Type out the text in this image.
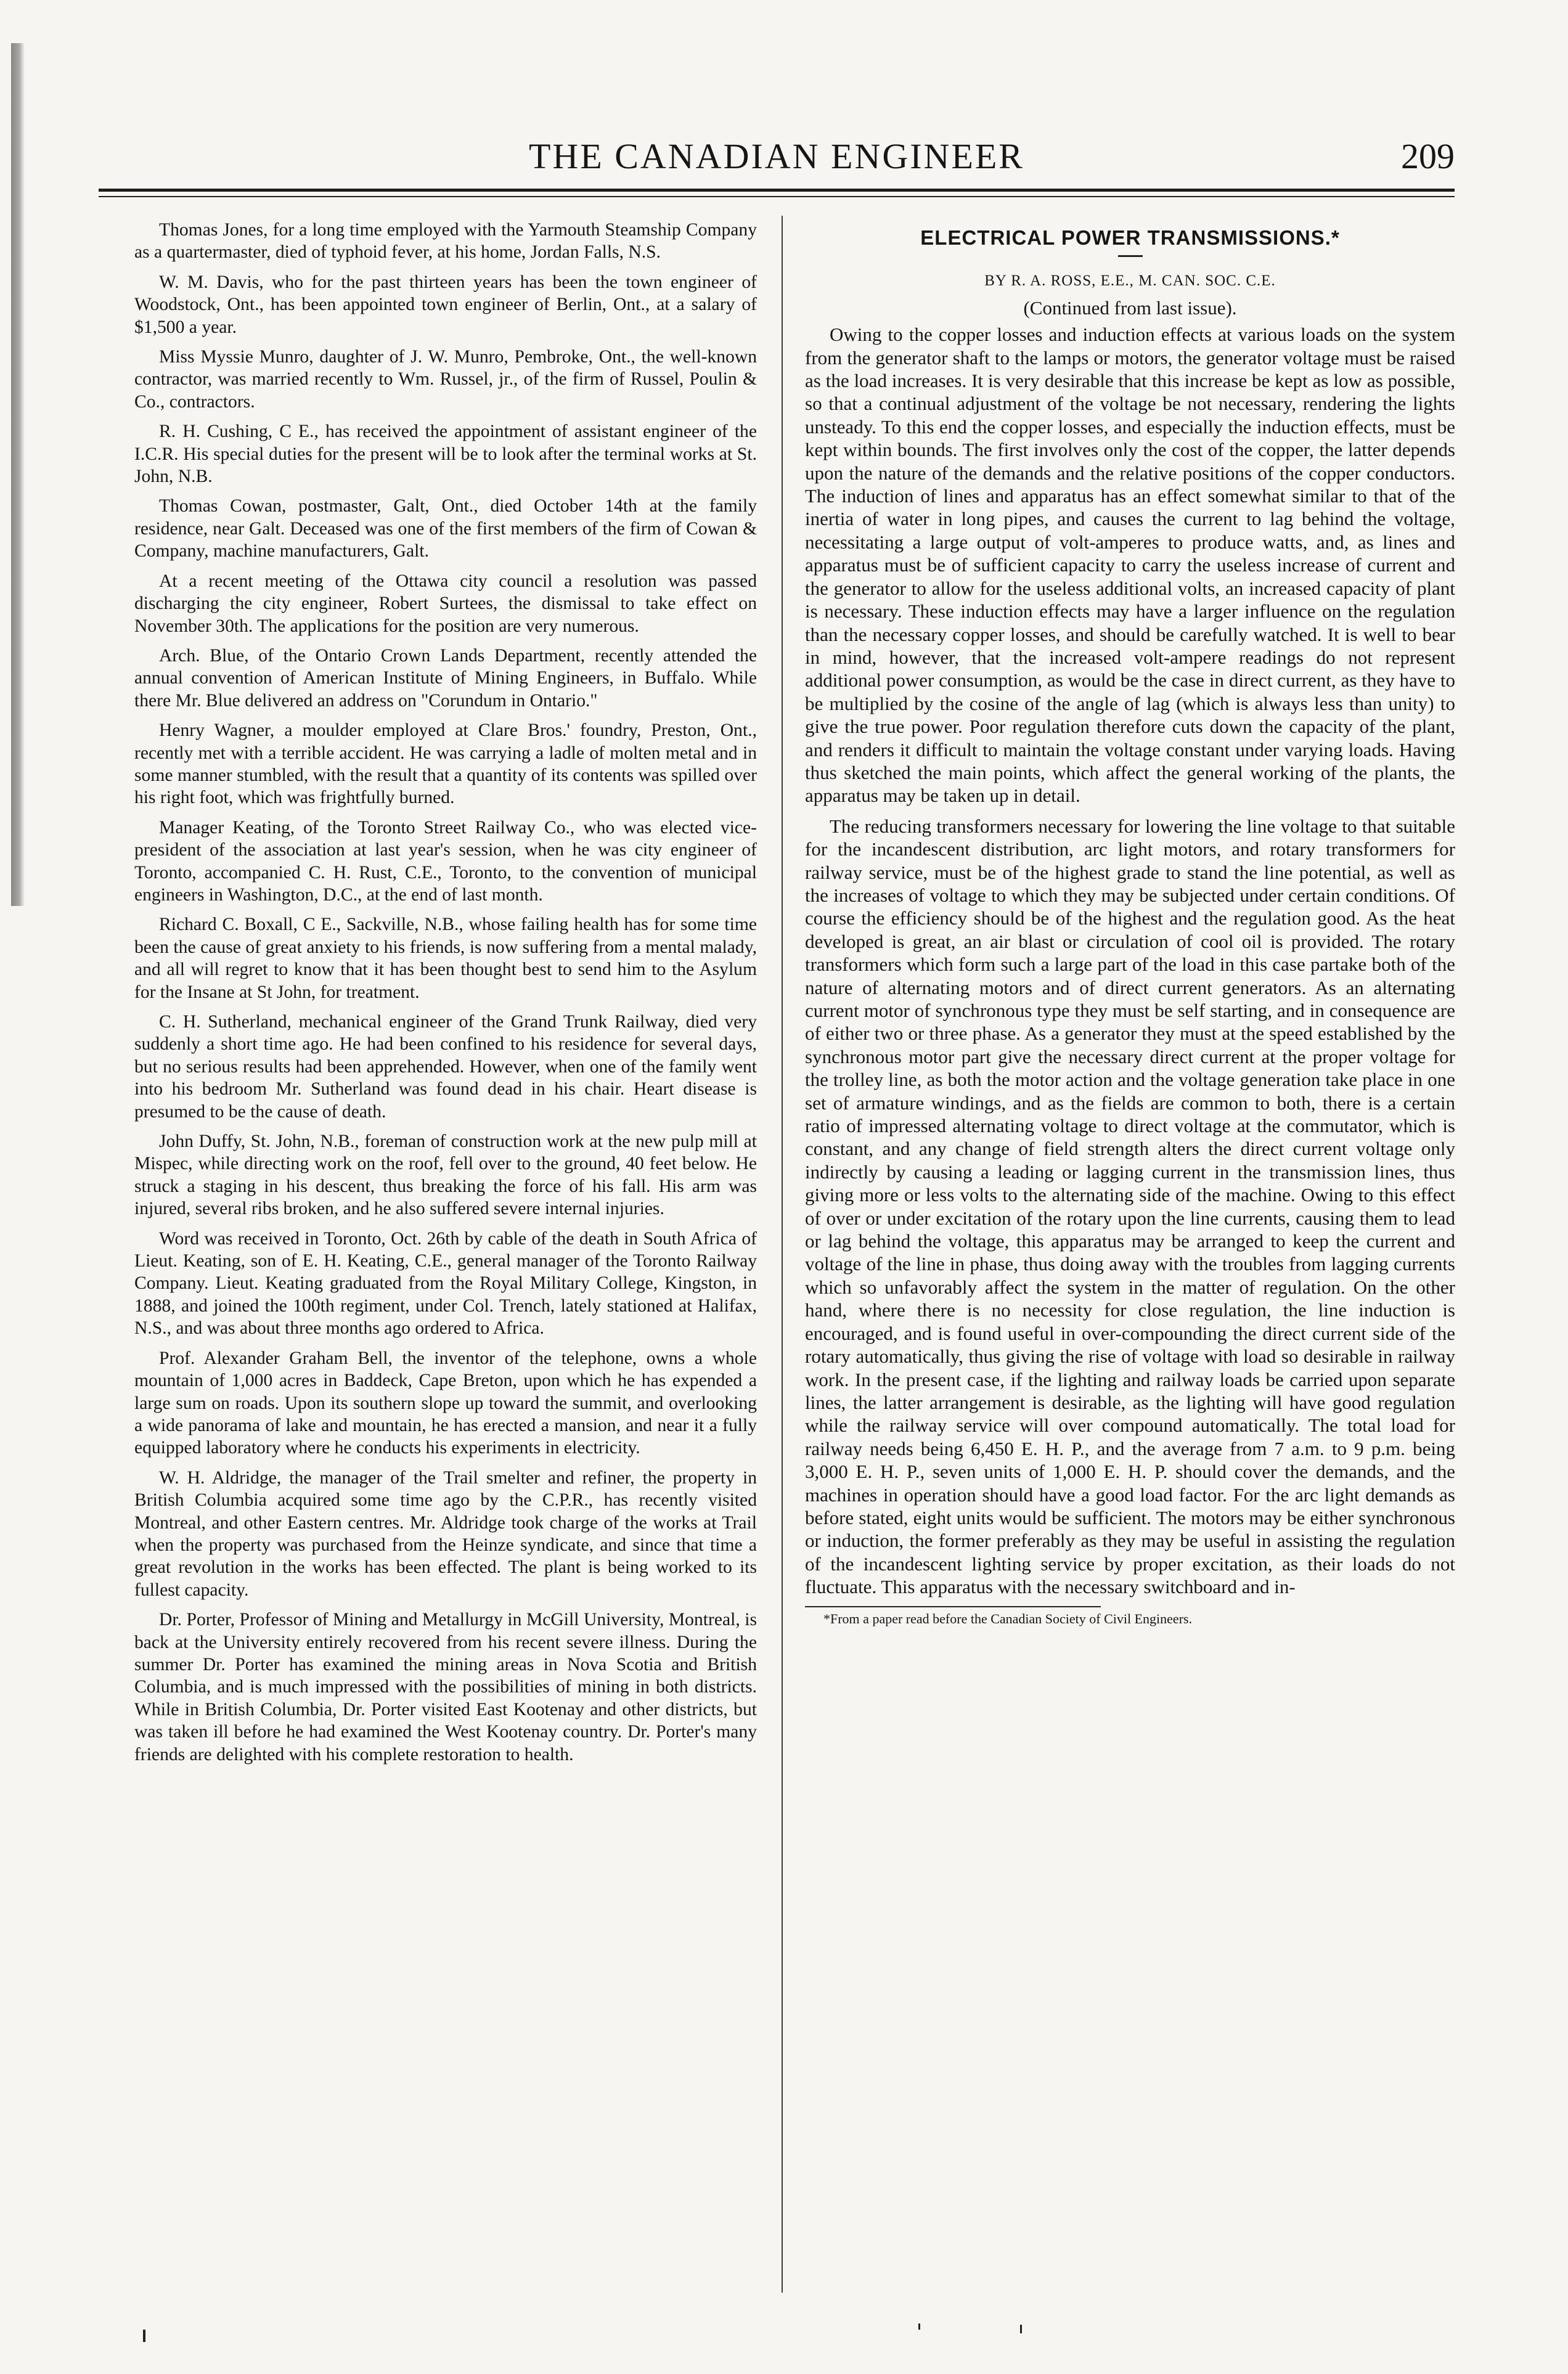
THE CANADIAN ENGINEER	209

Thomas Jones, for a long time employed with the Yarmouth Steamship Company as a quartermaster, died of typhoid fever, at his home, Jordan Falls, N.S.

W. M. Davis, who for the past thirteen years has been the town engineer of Woodstock, Ont., has been appointed town engineer of Berlin, Ont., at a salary of $1,500 a year.

Miss Myssie Munro, daughter of J. W. Munro, Pembroke, Ont., the well-known contractor, was married recently to Wm. Russel, jr., of the firm of Russel, Poulin & Co., contractors.

R. H. Cushing, C E., has received the appointment of assistant engineer of the I.C.R. His special duties for the present will be to look after the terminal works at St. John, N.B.

Thomas Cowan, postmaster, Galt, Ont., died October 14th at the family residence, near Galt. Deceased was one of the first members of the firm of Cowan & Company, machine manufacturers, Galt.

At a recent meeting of the Ottawa city council a resolution was passed discharging the city engineer, Robert Surtees, the dismissal to take effect on November 30th. The applications for the position are very numerous.

Arch. Blue, of the Ontario Crown Lands Department, recently attended the annual convention of American Institute of Mining Engineers, in Buffalo. While there Mr. Blue delivered an address on "Corundum in Ontario."

Henry Wagner, a moulder employed at Clare Bros.' foundry, Preston, Ont., recently met with a terrible accident. He was carrying a ladle of molten metal and in some manner stumbled, with the result that a quantity of its contents was spilled over his right foot, which was frightfully burned.

Manager Keating, of the Toronto Street Railway Co., who was elected vice-president of the association at last year's session, when he was city engineer of Toronto, accompanied C. H. Rust, C.E., Toronto, to the convention of municipal engineers in Washington, D.C., at the end of last month.

Richard C. Boxall, C E., Sackville, N.B., whose failing health has for some time been the cause of great anxiety to his friends, is now suffering from a mental malady, and all will regret to know that it has been thought best to send him to the Asylum for the Insane at St John, for treatment.

C. H. Sutherland, mechanical engineer of the Grand Trunk Railway, died very suddenly a short time ago. He had been confined to his residence for several days, but no serious results had been apprehended. However, when one of the family went into his bedroom Mr. Sutherland was found dead in his chair. Heart disease is presumed to be the cause of death.

John Duffy, St. John, N.B., foreman of construction work at the new pulp mill at Mispec, while directing work on the roof, fell over to the ground, 40 feet below. He struck a staging in his descent, thus breaking the force of his fall. His arm was injured, several ribs broken, and he also suffered severe internal injuries.

Word was received in Toronto, Oct. 26th by cable of the death in South Africa of Lieut. Keating, son of E. H. Keating, C.E., general manager of the Toronto Railway Company. Lieut. Keating graduated from the Royal Military College, Kingston, in 1888, and joined the 100th regiment, under Col. Trench, lately stationed at Halifax, N.S., and was about three months ago ordered to Africa.

Prof. Alexander Graham Bell, the inventor of the telephone, owns a whole mountain of 1,000 acres in Baddeck, Cape Breton, upon which he has expended a large sum on roads. Upon its southern slope up toward the summit, and overlooking a wide panorama of lake and mountain, he has erected a mansion, and near it a fully equipped laboratory where he conducts his experiments in electricity.

W. H. Aldridge, the manager of the Trail smelter and refiner, the property in British Columbia acquired some time ago by the C.P.R., has recently visited Montreal, and other Eastern centres. Mr. Aldridge took charge of the works at Trail when the property was purchased from the Heinze syndicate, and since that time a great revolution in the works has been effected. The plant is being worked to its fullest capacity.

Dr. Porter, Professor of Mining and Metallurgy in McGill University, Montreal, is back at the University entirely recovered from his recent severe illness. During the summer Dr. Porter has examined the mining areas in Nova Scotia and British Columbia, and is much impressed with the possibilities of mining in both districts. While in British Columbia, Dr. Porter visited East Kootenay and other districts, but was taken ill before he had examined the West Kootenay country. Dr. Porter's many friends are delighted with his complete restoration to health.

ELECTRICAL POWER TRANSMISSIONS.*
BY R. A. ROSS, E.E., M. CAN. SOC. C.E.
(Continued from last issue).

Owing to the copper losses and induction effects at various loads on the system from the generator shaft to the lamps or motors, the generator voltage must be raised as the load increases. It is very desirable that this increase be kept as low as possible, so that a continual adjustment of the voltage be not necessary, rendering the lights unsteady. To this end the copper losses, and especially the induction effects, must be kept within bounds. The first involves only the cost of the copper, the latter depends upon the nature of the demands and the relative positions of the copper conductors. The induction of lines and apparatus has an effect somewhat similar to that of the inertia of water in long pipes, and causes the current to lag behind the voltage, necessitating a large output of volt-amperes to produce watts, and, as lines and apparatus must be of sufficient capacity to carry the useless increase of current and the generator to allow for the useless additional volts, an increased capacity of plant is necessary. These induction effects may have a larger influence on the regulation than the necessary copper losses, and should be carefully watched. It is well to bear in mind, however, that the increased volt-ampere readings do not represent additional power consumption, as would be the case in direct current, as they have to be multiplied by the cosine of the angle of lag (which is always less than unity) to give the true power. Poor regulation therefore cuts down the capacity of the plant, and renders it difficult to maintain the voltage constant under varying loads. Having thus sketched the main points, which affect the general working of the plants, the apparatus may be taken up in detail.

The reducing transformers necessary for lowering the line voltage to that suitable for the incandescent distribution, arc light motors, and rotary transformers for railway service, must be of the highest grade to stand the line potential, as well as the increases of voltage to which they may be subjected under certain conditions. Of course the efficiency should be of the highest and the regulation good. As the heat developed is great, an air blast or circulation of cool oil is provided. The rotary transformers which form such a large part of the load in this case partake both of the nature of alternating motors and of direct current generators. As an alternating current motor of synchronous type they must be self starting, and in consequence are of either two or three phase. As a generator they must at the speed established by the synchronous motor part give the necessary direct current at the proper voltage for the trolley line, as both the motor action and the voltage generation take place in one set of armature windings, and as the fields are common to both, there is a certain ratio of impressed alternating voltage to direct voltage at the commutator, which is constant, and any change of field strength alters the direct current voltage only indirectly by causing a leading or lagging current in the transmission lines, thus giving more or less volts to the alternating side of the machine. Owing to this effect of over or under excitation of the rotary upon the line currents, causing them to lead or lag behind the voltage, this apparatus may be arranged to keep the current and voltage of the line in phase, thus doing away with the troubles from lagging currents which so unfavorably affect the system in the matter of regulation. On the other hand, where there is no necessity for close regulation, the line induction is encouraged, and is found useful in over-compounding the direct current side of the rotary automatically, thus giving the rise of voltage with load so desirable in railway work. In the present case, if the lighting and railway loads be carried upon separate lines, the latter arrangement is desirable, as the lighting will have good regulation while the railway service will over compound automatically. The total load for railway needs being 6,450 E. H. P., and the average from 7 a.m. to 9 p.m. being 3,000 E. H. P., seven units of 1,000 E. H. P. should cover the demands, and the machines in operation should have a good load factor. For the arc light demands as before stated, eight units would be sufficient. The motors may be either synchronous or induction, the former preferably as they may be useful in assisting the regulation of the incandescent lighting service by proper excitation, as their loads do not fluctuate. This apparatus with the necessary switchboard and in-

*From a paper read before the Canadian Society of Civil Engineers.
